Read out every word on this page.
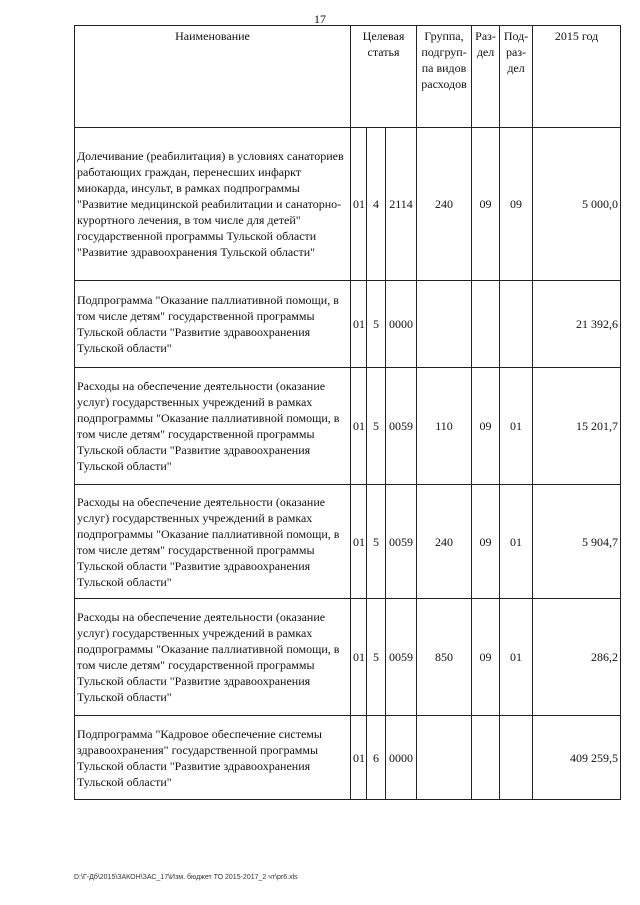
17
Наименование	Целевая статья			Группа, подгруп-па видов расходов	Раз-дел	Под-раз-дел	2015 год
Долечивание (реабилитация) в условиях санаториев работающих граждан, перенесших инфаркт миокарда, инсульт, в рамках подпрограммы "Развитие медицинской реабилитации и санаторно-курортного лечения, в том числе для детей" государственной программы Тульской области "Развитие здравоохранения Тульской области"	01	4	2114	240	09	09	5 000,0
Подпрограмма "Оказание паллиативной помощи, в том числе детям" государственной программы Тульской области "Развитие здравоохранения Тульской области"	01	5	0000				21 392,6
Расходы на обеспечение деятельности (оказание услуг) государственных учреждений в рамках подпрограммы "Оказание паллиативной помощи, в том числе детям" государственной программы Тульской области "Развитие здравоохранения Тульской области"	01	5	0059	110	09	01	15 201,7
Расходы на обеспечение деятельности (оказание услуг) государственных учреждений в рамках подпрограммы "Оказание паллиативной помощи, в том числе детям" государственной программы Тульской области "Развитие здравоохранения Тульской области"	01	5	0059	240	09	01	5 904,7
Расходы на обеспечение деятельности (оказание услуг) государственных учреждений в рамках подпрограммы "Оказание паллиативной помощи, в том числе детям" государственной программы Тульской области "Развитие здравоохранения Тульской области"	01	5	0059	850	09	01	286,2
Подпрограмма "Кадровое обеспечение системы здравоохранения" государственной программы Тульской области "Развитие здравоохранения Тульской области"	01	6	0000				409 259,5
D:\Г-Дб\2015\ЗАКОН\ЗАС_17\Изм. бюджет ТО 2015-2017_2 чт\рr6.xls
